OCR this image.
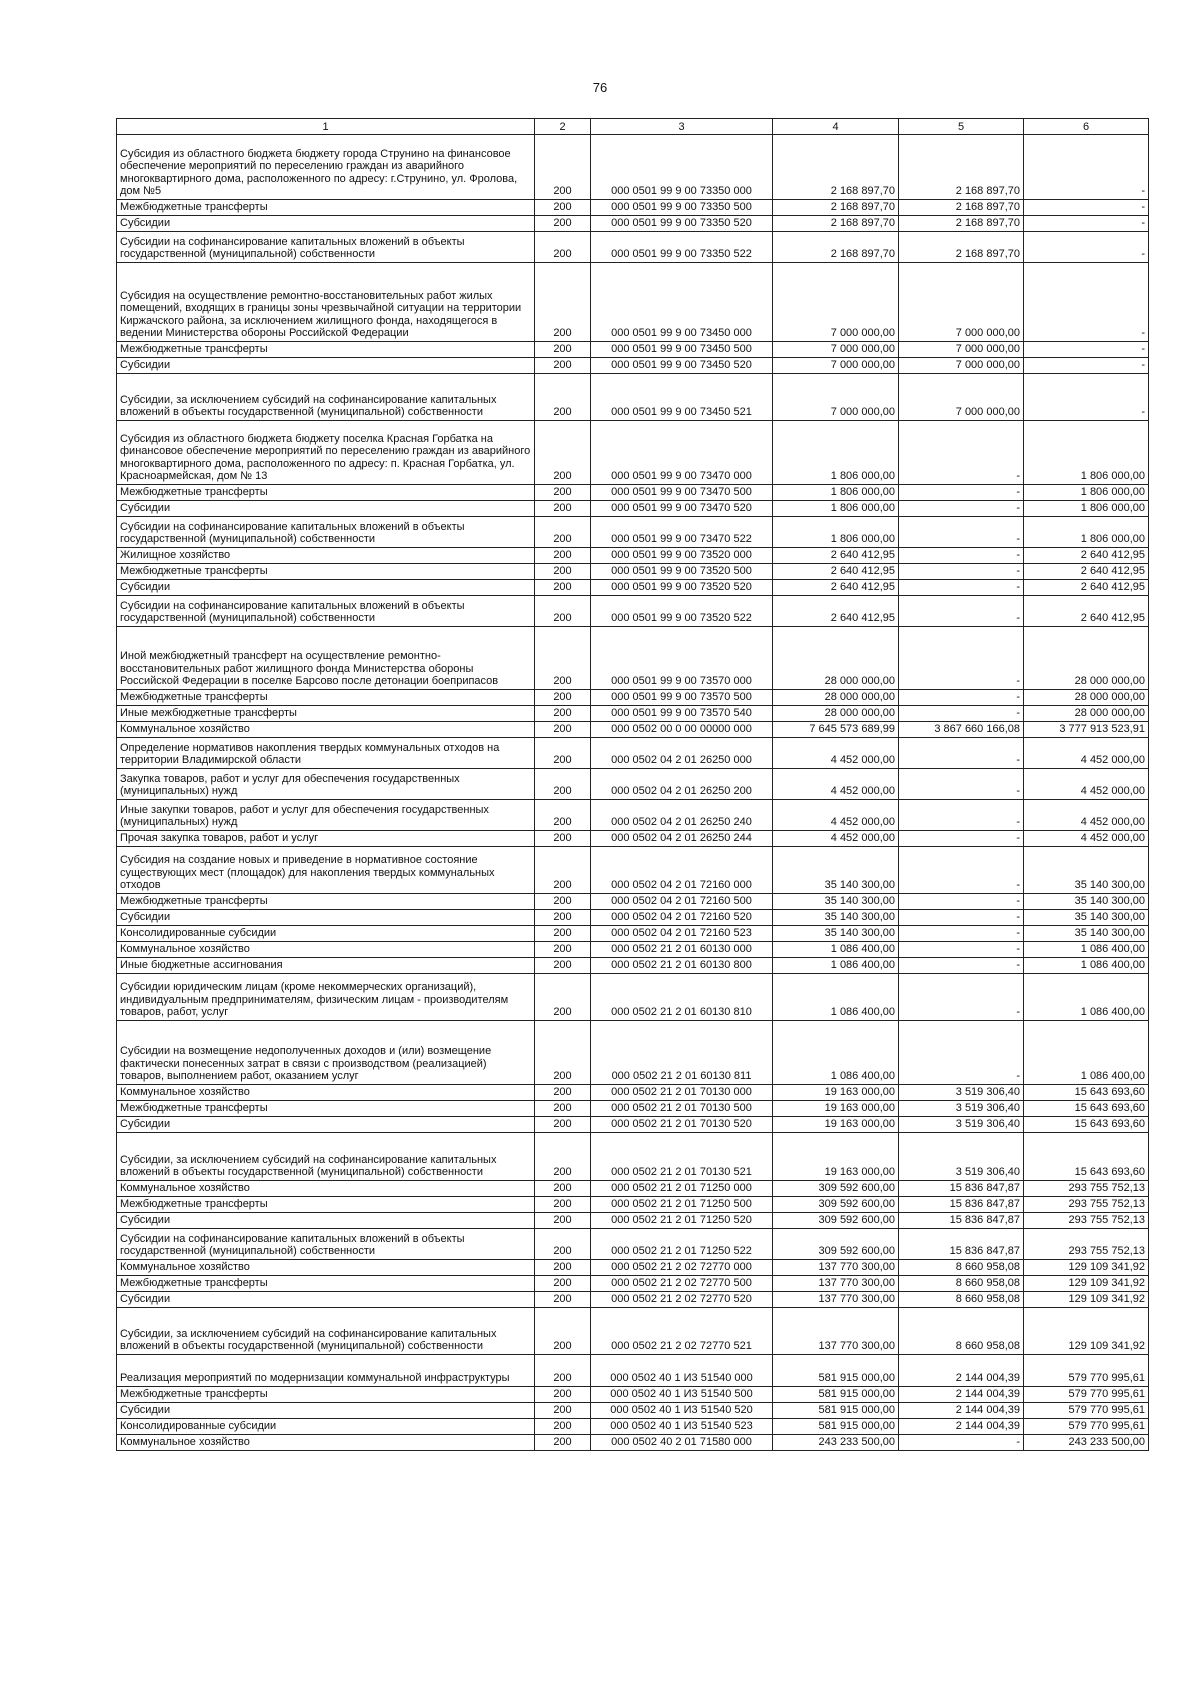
76
1	2	3	4	5	6
Субсидия из областного бюджета бюджету города Струнино на финансовое обеспечение мероприятий по переселению граждан из аварийного многоквартирного дома, расположенного по адресу: г.Струнино, ул. Фролова, дом №5	200	000 0501 99 9 00 73350 000	2 168 897,70	2 168 897,70	-
Межбюджетные трансферты	200	000 0501 99 9 00 73350 500	2 168 897,70	2 168 897,70	-
Субсидии	200	000 0501 99 9 00 73350 520	2 168 897,70	2 168 897,70	-
Субсидии на софинансирование капитальных вложений в объекты государственной (муниципальной) собственности	200	000 0501 99 9 00 73350 522	2 168 897,70	2 168 897,70	-
Субсидия на осуществление ремонтно-восстановительных работ жилых помещений, входящих в границы зоны чрезвычайной ситуации на территории Киржачского района, за исключением жилищного фонда, находящегося в ведении Министерства обороны Российской Федерации	200	000 0501 99 9 00 73450 000	7 000 000,00	7 000 000,00	-
Межбюджетные трансферты	200	000 0501 99 9 00 73450 500	7 000 000,00	7 000 000,00	-
Субсидии	200	000 0501 99 9 00 73450 520	7 000 000,00	7 000 000,00	-
Субсидии, за исключением субсидий на софинансирование капитальных вложений в объекты государственной (муниципальной) собственности	200	000 0501 99 9 00 73450 521	7 000 000,00	7 000 000,00	-
Субсидия из областного бюджета бюджету поселка Красная Горбатка на финансовое обеспечение мероприятий по переселению граждан из аварийного многоквартирного дома, расположенного по адресу: п. Красная Горбатка, ул. Красноармейская, дом № 13	200	000 0501 99 9 00 73470 000	1 806 000,00	-	1 806 000,00
Межбюджетные трансферты	200	000 0501 99 9 00 73470 500	1 806 000,00	-	1 806 000,00
Субсидии	200	000 0501 99 9 00 73470 520	1 806 000,00	-	1 806 000,00
Субсидии на софинансирование капитальных вложений в объекты государственной (муниципальной) собственности	200	000 0501 99 9 00 73470 522	1 806 000,00	-	1 806 000,00
Жилищное хозяйство	200	000 0501 99 9 00 73520 000	2 640 412,95	-	2 640 412,95
Межбюджетные трансферты	200	000 0501 99 9 00 73520 500	2 640 412,95	-	2 640 412,95
Субсидии	200	000 0501 99 9 00 73520 520	2 640 412,95	-	2 640 412,95
Субсидии на софинансирование капитальных вложений в объекты государственной (муниципальной) собственности	200	000 0501 99 9 00 73520 522	2 640 412,95	-	2 640 412,95
Иной межбюджетный трансферт на осуществление ремонтно-восстановительных работ жилищного фонда Министерства обороны Российской Федерации в поселке Барсово после детонации боеприпасов	200	000 0501 99 9 00 73570 000	28 000 000,00	-	28 000 000,00
Межбюджетные трансферты	200	000 0501 99 9 00 73570 500	28 000 000,00	-	28 000 000,00
Иные межбюджетные трансферты	200	000 0501 99 9 00 73570 540	28 000 000,00	-	28 000 000,00
Коммунальное хозяйство	200	000 0502 00 0 00 00000 000	7 645 573 689,99	3 867 660 166,08	3 777 913 523,91
Определение нормативов накопления твердых коммунальных отходов на территории Владимирской области	200	000 0502 04 2 01 26250 000	4 452 000,00	-	4 452 000,00
Закупка товаров, работ и услуг для обеспечения государственных (муниципальных) нужд	200	000 0502 04 2 01 26250 200	4 452 000,00	-	4 452 000,00
Иные закупки товаров, работ и услуг для обеспечения государственных (муниципальных) нужд	200	000 0502 04 2 01 26250 240	4 452 000,00	-	4 452 000,00
Прочая закупка товаров, работ и услуг	200	000 0502 04 2 01 26250 244	4 452 000,00	-	4 452 000,00
Субсидия на создание новых и приведение в нормативное состояние существующих мест (площадок) для накопления твердых коммунальных отходов	200	000 0502 04 2 01 72160 000	35 140 300,00	-	35 140 300,00
Межбюджетные трансферты	200	000 0502 04 2 01 72160 500	35 140 300,00	-	35 140 300,00
Субсидии	200	000 0502 04 2 01 72160 520	35 140 300,00	-	35 140 300,00
Консолидированные субсидии	200	000 0502 04 2 01 72160 523	35 140 300,00	-	35 140 300,00
Коммунальное хозяйство	200	000 0502 21 2 01 60130 000	1 086 400,00	-	1 086 400,00
Иные бюджетные ассигнования	200	000 0502 21 2 01 60130 800	1 086 400,00	-	1 086 400,00
Субсидии юридическим лицам (кроме некоммерческих организаций), индивидуальным предпринимателям, физическим лицам - производителям товаров, работ, услуг	200	000 0502 21 2 01 60130 810	1 086 400,00	-	1 086 400,00
Субсидии на возмещение недополученных доходов и (или) возмещение фактически понесенных затрат в связи с производством (реализацией) товаров, выполнением работ, оказанием услуг	200	000 0502 21 2 01 60130 811	1 086 400,00	-	1 086 400,00
Коммунальное хозяйство	200	000 0502 21 2 01 70130 000	19 163 000,00	3 519 306,40	15 643 693,60
Межбюджетные трансферты	200	000 0502 21 2 01 70130 500	19 163 000,00	3 519 306,40	15 643 693,60
Субсидии	200	000 0502 21 2 01 70130 520	19 163 000,00	3 519 306,40	15 643 693,60
Субсидии, за исключением субсидий на софинансирование капитальных вложений в объекты государственной (муниципальной) собственности	200	000 0502 21 2 01 70130 521	19 163 000,00	3 519 306,40	15 643 693,60
Коммунальное хозяйство	200	000 0502 21 2 01 71250 000	309 592 600,00	15 836 847,87	293 755 752,13
Межбюджетные трансферты	200	000 0502 21 2 01 71250 500	309 592 600,00	15 836 847,87	293 755 752,13
Субсидии	200	000 0502 21 2 01 71250 520	309 592 600,00	15 836 847,87	293 755 752,13
Субсидии на софинансирование капитальных вложений в объекты государственной (муниципальной) собственности	200	000 0502 21 2 01 71250 522	309 592 600,00	15 836 847,87	293 755 752,13
Коммунальное хозяйство	200	000 0502 21 2 02 72770 000	137 770 300,00	8 660 958,08	129 109 341,92
Межбюджетные трансферты	200	000 0502 21 2 02 72770 500	137 770 300,00	8 660 958,08	129 109 341,92
Субсидии	200	000 0502 21 2 02 72770 520	137 770 300,00	8 660 958,08	129 109 341,92
Субсидии, за исключением субсидий на софинансирование капитальных вложений в объекты государственной (муниципальной) собственности	200	000 0502 21 2 02 72770 521	137 770 300,00	8 660 958,08	129 109 341,92
Реализация мероприятий по модернизации коммунальной инфраструктуры	200	000 0502 40 1 И3 51540 000	581 915 000,00	2 144 004,39	579 770 995,61
Межбюджетные трансферты	200	000 0502 40 1 И3 51540 500	581 915 000,00	2 144 004,39	579 770 995,61
Субсидии	200	000 0502 40 1 И3 51540 520	581 915 000,00	2 144 004,39	579 770 995,61
Консолидированные субсидии	200	000 0502 40 1 И3 51540 523	581 915 000,00	2 144 004,39	579 770 995,61
Коммунальное хозяйство	200	000 0502 40 2 01 71580 000	243 233 500,00	-	243 233 500,00
